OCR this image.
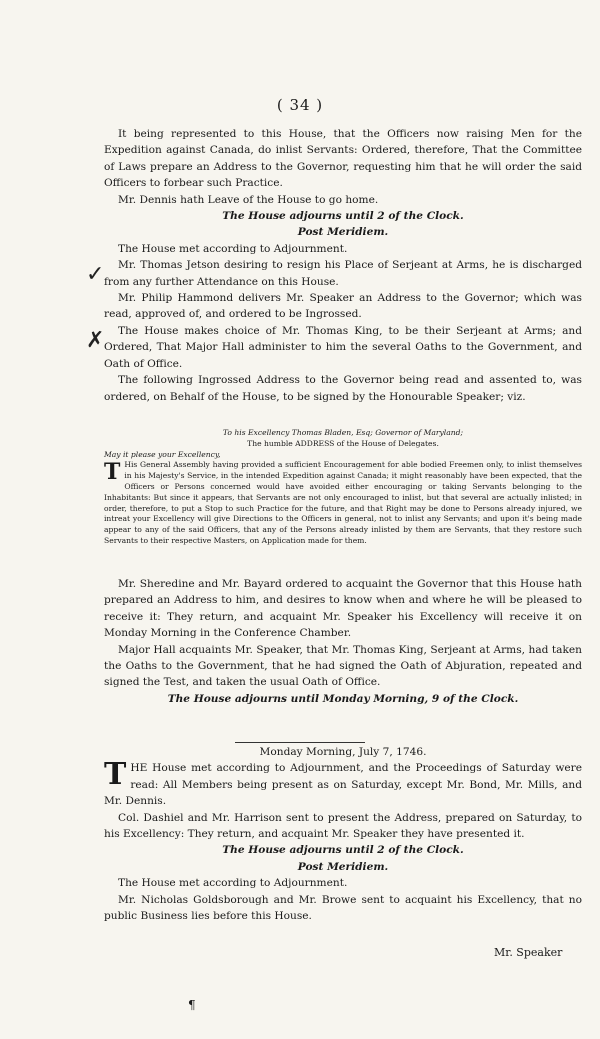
( 34 )

It being represented to this House, that the Officers now raising Men for the Expedition against Canada, do inlist Servants: Ordered, therefore, That the Committee of Laws prepare an Address to the Governor, requesting him that he will order the said Officers to forbear such Practice.

Mr. Dennis hath Leave of the House to go home.

The House adjourns until 2 of the Clock.

Post Meridiem.

The House met according to Adjournment.

Mr. Thomas Jetson desiring to resign his Place of Serjeant at Arms, he is discharged from any further Attendance on this House.

Mr. Philip Hammond delivers Mr. Speaker an Address to the Governor; which was read, approved of, and ordered to be Ingrossed.

The House makes choice of Mr. Thomas King, to be their Serjeant at Arms; and Ordered, That Major Hall administer to him the several Oaths to the Government, and Oath of Office.

The following Ingrossed Address to the Governor being read and assented to, was ordered, on Behalf of the House, to be signed by the Honourable Speaker; viz.

✓
✗

To his Excellency Thomas Bladen, Esq; Governor of Maryland;

The humble ADDRESS of the House of Delegates.

May it please your Excellency,

T His General Assembly having provided a sufficient Encouragement for able bodied Freemen only, to inlist themselves in his Majesty's Service, in the intended Expedition against Canada; it might reasonably have been expected, that the Officers or Persons concerned would have avoided either encouraging or taking Servants belonging to the Inhabitants: But since it appears, that Servants are not only encouraged to inlist, but that several are actually inlisted; in order, therefore, to put a Stop to such Practice for the future, and that Right may be done to Persons already injured, we intreat your Excellency will give Directions to the Officers in general, not to inlist any Servants; and upon it's being made appear to any of the said Officers, that any of the Persons already inlisted by them are Servants, that they restore such Servants to their respective Masters, on Application made for them.

Mr. Sheredine and Mr. Bayard ordered to acquaint the Governor that this House hath prepared an Address to him, and desires to know when and where he will be pleased to receive it: They return, and acquaint Mr. Speaker his Excellency will receive it on Monday Morning in the Conference Chamber.

Major Hall acquaints Mr. Speaker, that Mr. Thomas King, Serjeant at Arms, had taken the Oaths to the Government, that he had signed the Oath of Abjuration, repeated and signed the Test, and taken the usual Oath of Office.

The House adjourns until Monday Morning, 9 of the Clock.

Monday Morning, July 7, 1746.

THE House met according to Adjournment, and the Proceedings of Saturday were read: All Members being present as on Saturday, except Mr. Bond, Mr. Mills, and Mr. Dennis.

Col. Dashiel and Mr. Harrison sent to present the Address, prepared on Saturday, to his Excellency: They return, and acquaint Mr. Speaker they have presented it.

The House adjourns until 2 of the Clock.

Post Meridiem.

The House met according to Adjournment.

Mr. Nicholas Goldsborough and Mr. Browe sent to acquaint his Excellency, that no public Business lies before this House.

Mr. Speaker
¶
